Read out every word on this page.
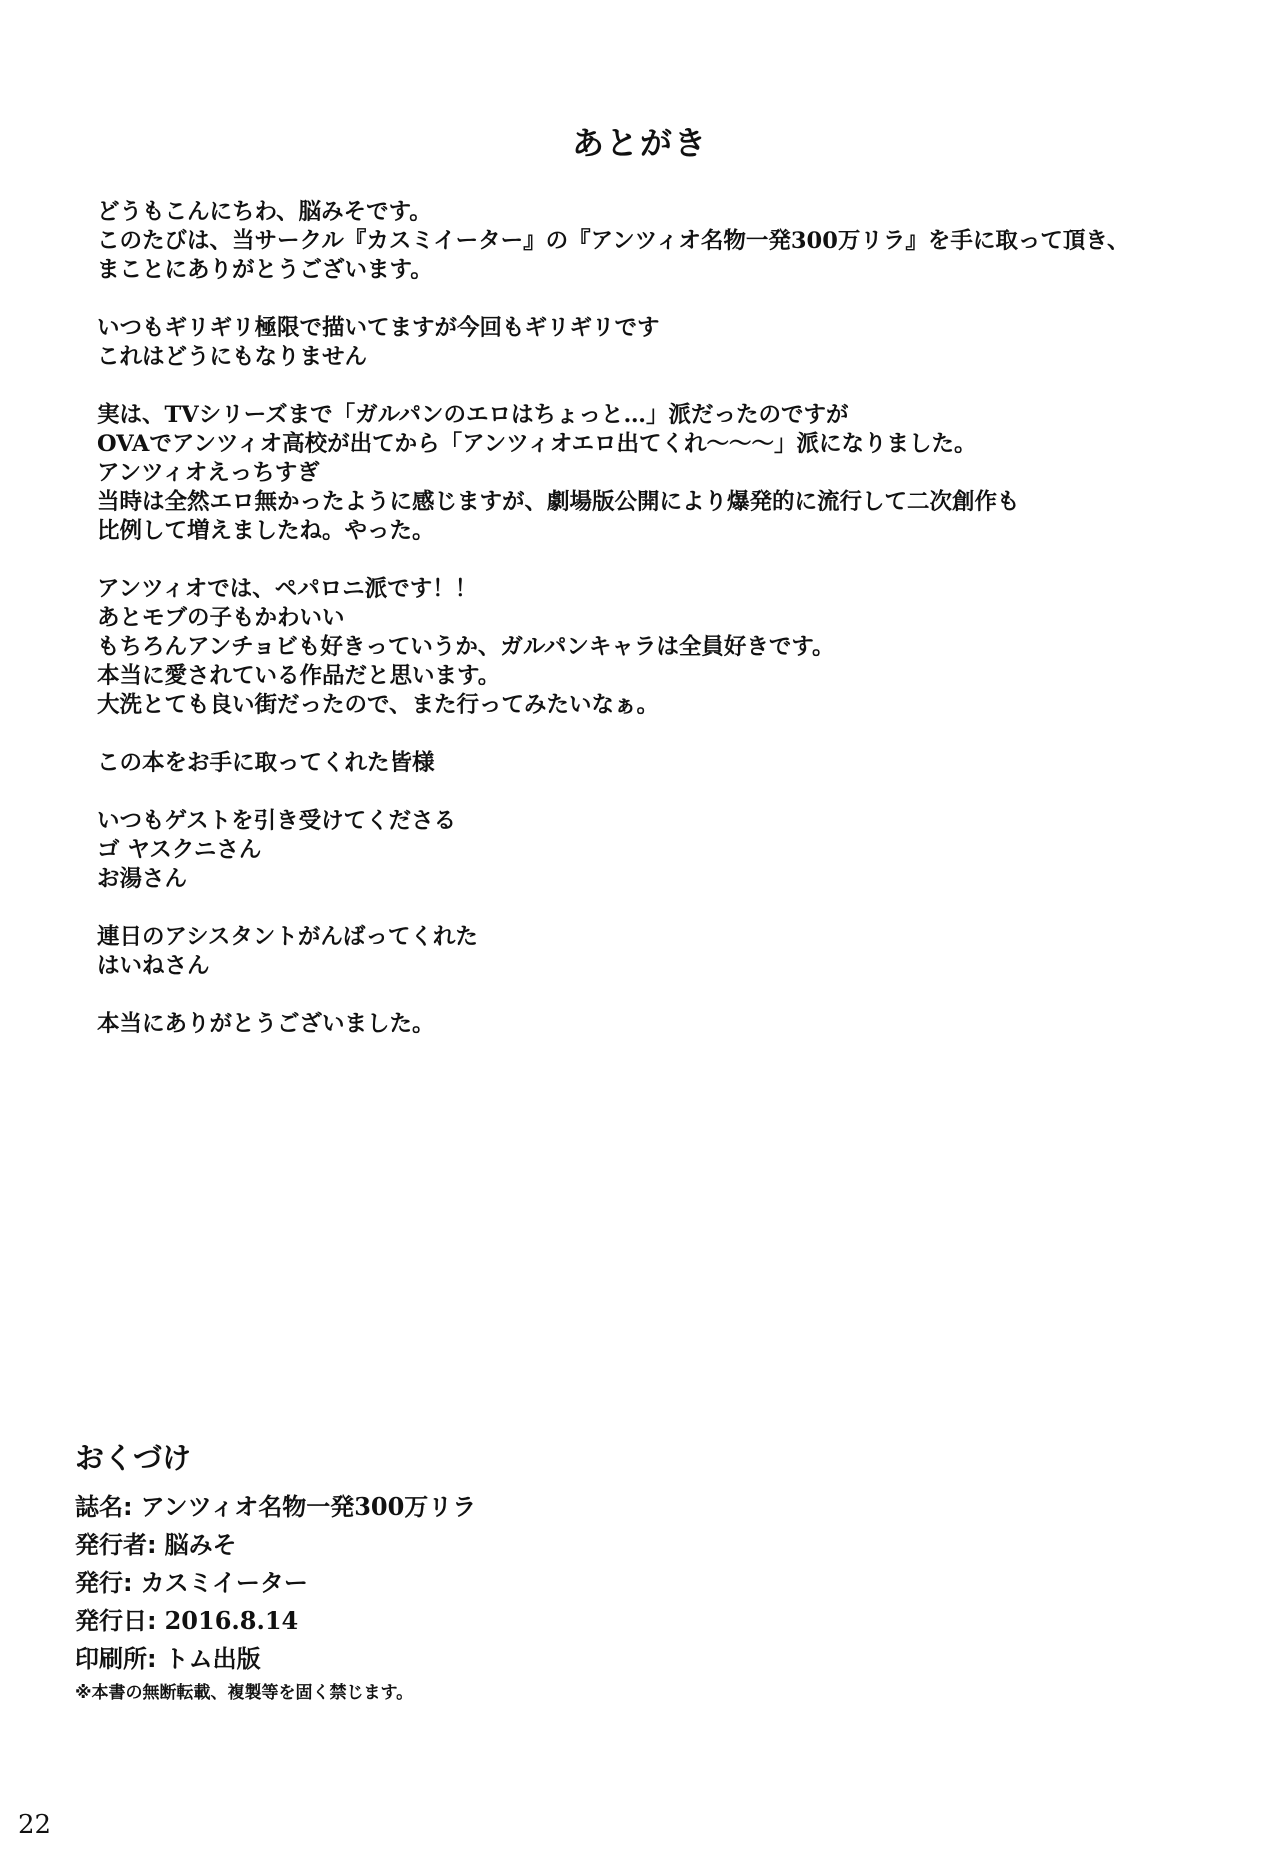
あとがき
どうもこんにちわ、脳みそです。
このたびは、当サークル『カスミイーター』の『アンツィオ名物一発300万リラ』を手に取って頂き、
まことにありがとうございます。
いつもギリギリ極限で描いてますが今回もギリギリです
これはどうにもなりません
実は、TVシリーズまで「ガルパンのエロはちょっと…」派だったのですが
OVAでアンツィオ高校が出てから「アンツィオエロ出てくれ〜〜〜」派になりました。
アンツィオえっちすぎ
当時は全然エロ無かったように感じますが、劇場版公開により爆発的に流行して二次創作も
比例して増えましたね。やった。
アンツィオでは、ペパロニ派です！！
あとモブの子もかわいい
もちろんアンチョビも好きっていうか、ガルパンキャラは全員好きです。
本当に愛されている作品だと思います。
大洗とても良い街だったので、また行ってみたいなぁ。
この本をお手に取ってくれた皆様
いつもゲストを引き受けてくださる
ゴ ヤスクニさん
お湯さん
連日のアシスタントがんばってくれた
はいねさん
本当にありがとうございました。
おくづけ
誌名: アンツィオ名物一発300万リラ
発行者: 脳みそ
発行: カスミイーター
発行日: 2016.8.14
印刷所: トム出版
※本書の無断転載、複製等を固く禁じます。
22
